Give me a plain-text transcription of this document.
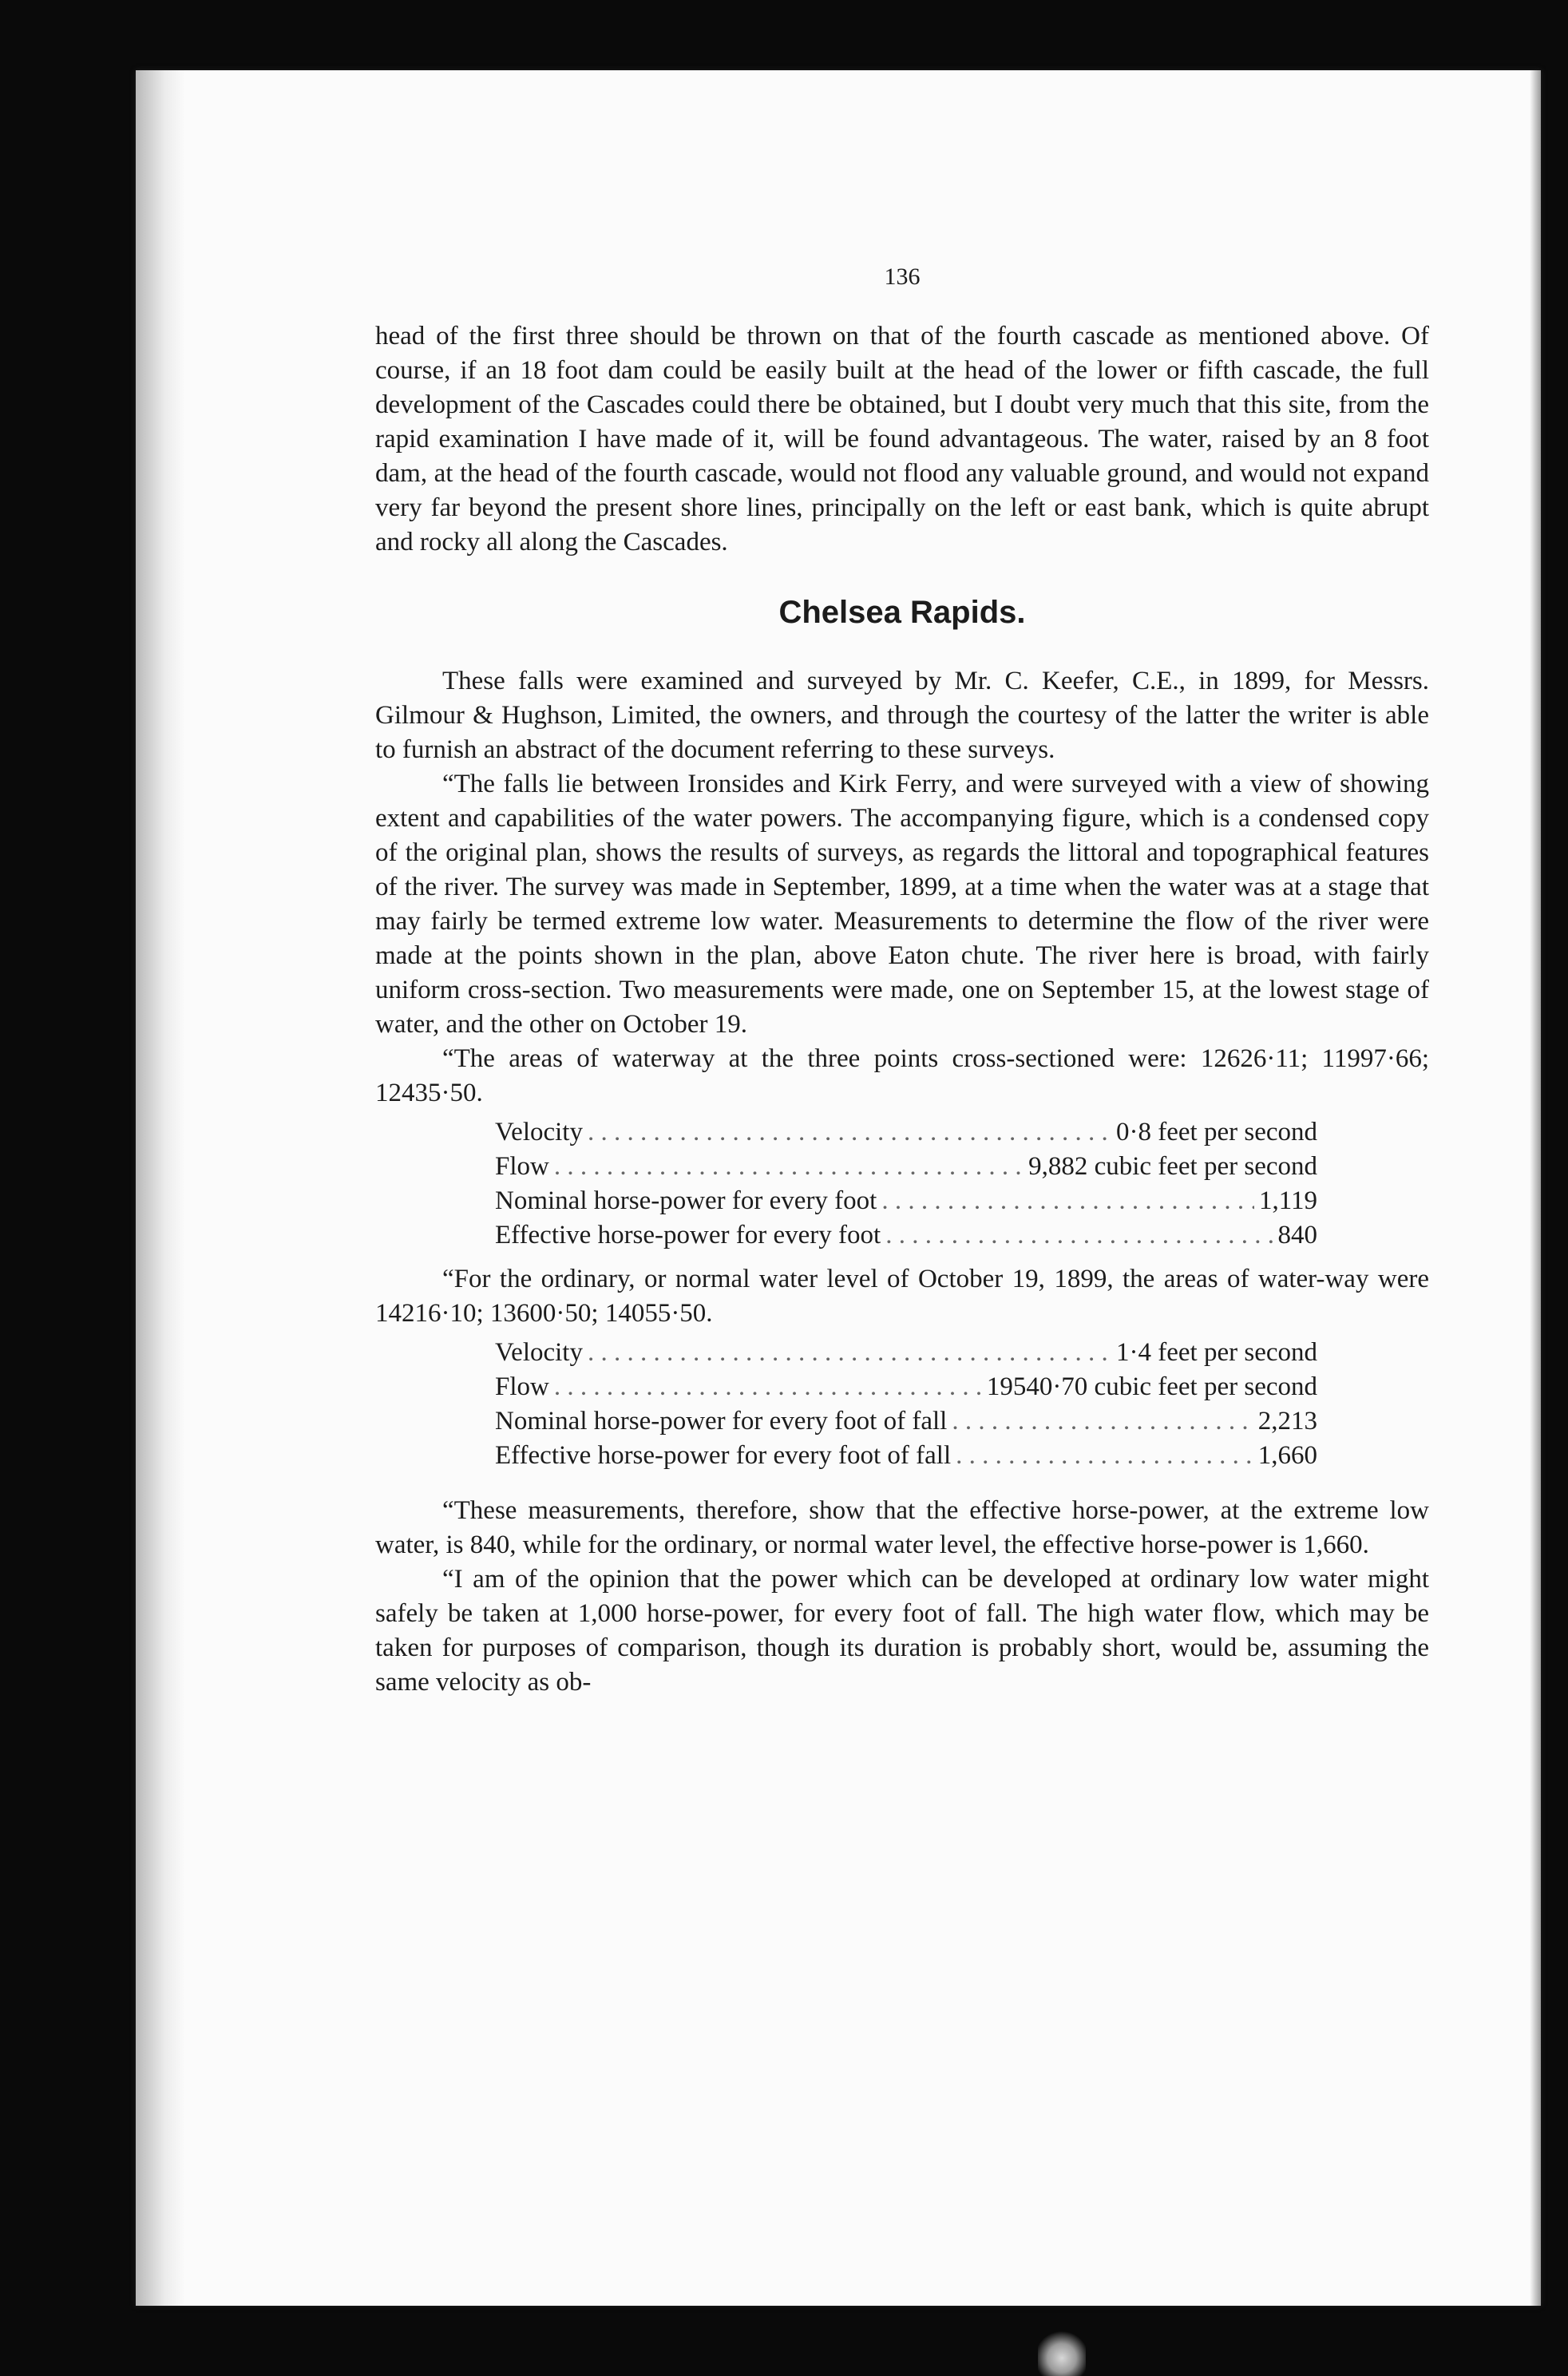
136

head of the first three should be thrown on that of the fourth cascade as mentioned above. Of course, if an 18 foot dam could be easily built at the head of the lower or fifth cascade, the full development of the Cascades could there be obtained, but I doubt very much that this site, from the rapid examination I have made of it, will be found advantageous. The water, raised by an 8 foot dam, at the head of the fourth cascade, would not flood any valuable ground, and would not expand very far beyond the present shore lines, principally on the left or east bank, which is quite abrupt and rocky all along the Cascades.

Chelsea Rapids.

These falls were examined and surveyed by Mr. C. Keefer, C.E., in 1899, for Messrs. Gilmour & Hughson, Limited, the owners, and through the courtesy of the latter the writer is able to furnish an abstract of the document referring to these surveys.

“The falls lie between Ironsides and Kirk Ferry, and were surveyed with a view of showing extent and capabilities of the water powers. The accompanying figure, which is a condensed copy of the original plan, shows the results of surveys, as regards the littoral and topographical features of the river. The survey was made in September, 1899, at a time when the water was at a stage that may fairly be termed extreme low water. Measurements to determine the flow of the river were made at the points shown in the plan, above Eaton chute. The river here is broad, with fairly uniform cross-section. Two measurements were made, one on September 15, at the lowest stage of water, and the other on October 19.

“The areas of waterway at the three points cross-sectioned were: 12626·11; 11997·66; 12435·50.

Velocity . . .	0·8 feet per second
Flow . . .	9,882 cubic feet per second
Nominal horse-power for every foot . . .	1,119
Effective horse-power for every foot . . .	840

“For the ordinary, or normal water level of October 19, 1899, the areas of water-way were 14216·10; 13600·50; 14055·50.

Velocity . . .	1·4 feet per second
Flow . . .	19540·70 cubic feet per second
Nominal horse-power for every foot of fall . . .	2,213
Effective horse-power for every foot of fall . . .	1,660

“These measurements, therefore, show that the effective horse-power, at the extreme low water, is 840, while for the ordinary, or normal water level, the effective horse-power is 1,660.

“I am of the opinion that the power which can be developed at ordinary low water might safely be taken at 1,000 horse-power, for every foot of fall. The high water flow, which may be taken for purposes of comparison, though its duration is probably short, would be, assuming the same velocity as ob-
